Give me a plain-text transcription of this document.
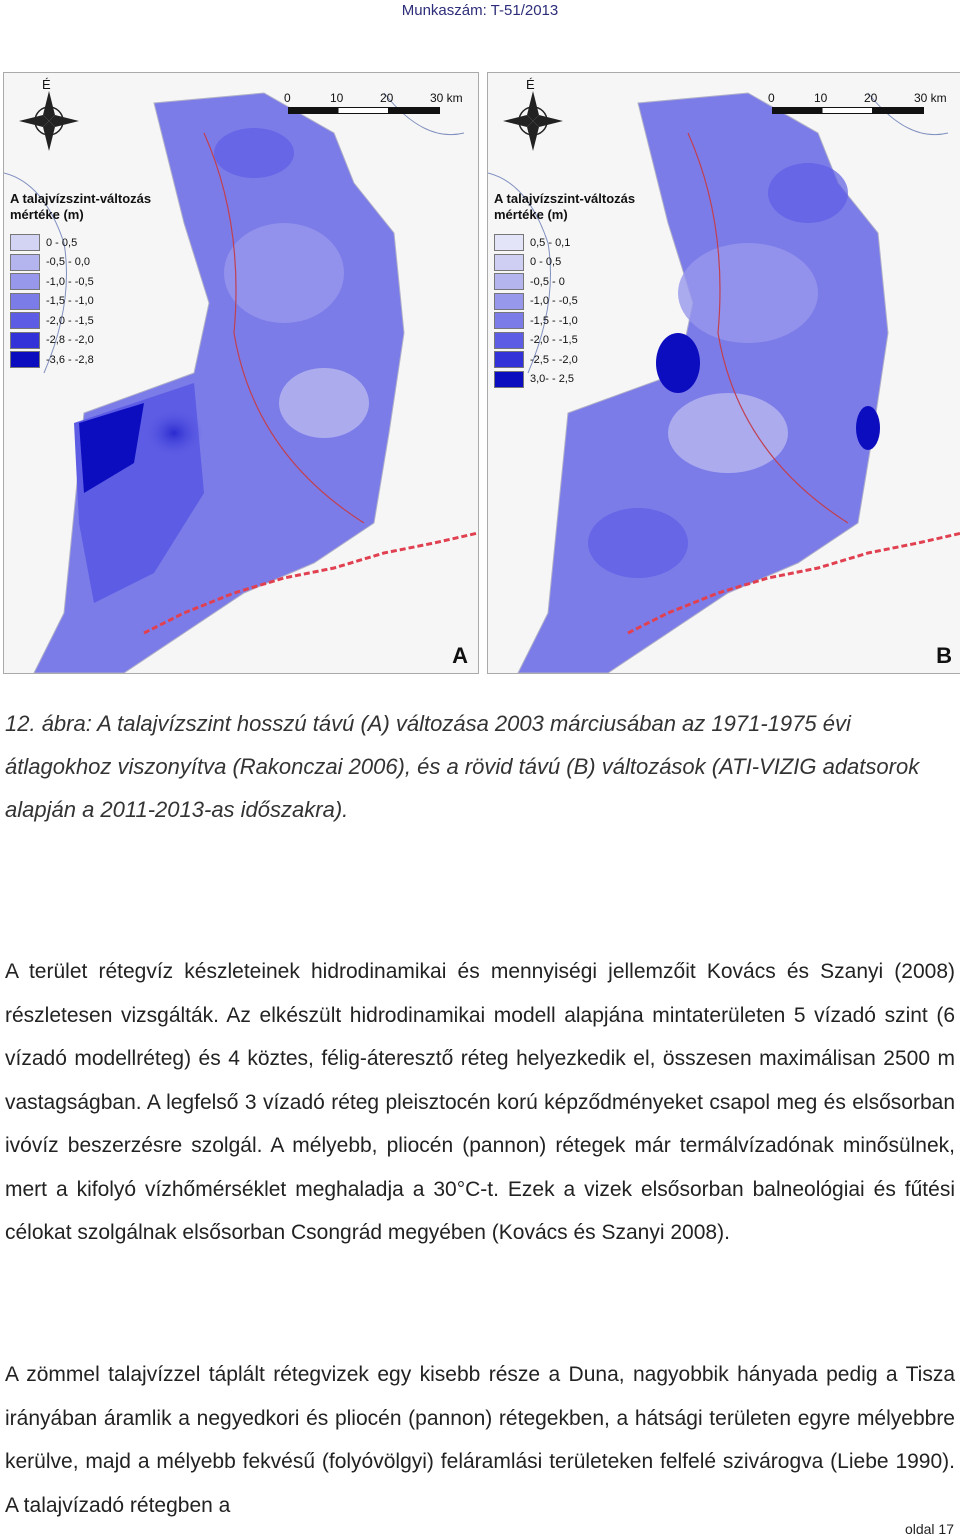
Munkaszám: T-51/2013
É
0	10	20	30 km
A talajvízszint-változás mértéke (m)
0 - 0,5
-0,5 - 0,0
-1,0 - -0,5
-1,5 - -1,0
-2,0 - -1,5
-2,8 - -2,0
-3,6 - -2,8
A
É
0	10	20	30 km
A talajvízszint-változás mértéke (m)
0,5 - 0,1
0 - 0,5
-0,5 - 0
-1,0 - -0,5
-1,5 - -1,0
-2,0 - -1,5
-2,5 - -2,0
3,0- - 2,5
B
12. ábra: A talajvízszint hosszú távú (A) változása 2003 márciusában az 1971-1975 évi átlagokhoz viszonyítva (Rakonczai 2006), és a rövid távú (B) változások (ATI-VIZIG adatsorok alapján a 2011-2013-as időszakra).
A terület rétegvíz készleteinek hidrodinamikai és mennyiségi jellemzőit Kovács és Szanyi (2008) részletesen vizsgálták. Az elkészült hidrodinamikai modell alapjána mintaterületen 5 vízadó szint (6 vízadó modellréteg) és 4 köztes, félig-áteresztő réteg helyezkedik el, összesen maximálisan 2500 m vastagságban. A legfelső 3 vízadó réteg pleisztocén korú képződményeket csapol meg és elsősorban ivóvíz beszerzésre szolgál. A mélyebb, pliocén (pannon) rétegek már termálvízadónak minősülnek, mert a kifolyó vízhőmérséklet meghaladja a 30°C-t. Ezek a vizek elsősorban balneológiai és fűtési célokat szolgálnak elsősorban Csongrád megyében (Kovács és Szanyi 2008).
A zömmel talajvízzel táplált rétegvizek egy kisebb része a Duna, nagyobbik hányada pedig a Tisza irányában áramlik a negyedkori és pliocén (pannon) rétegekben, a hátsági területen egyre mélyebbre kerülve, majd a mélyebb fekvésű (folyóvölgyi) feláramlási területeken felfelé szivárogva (Liebe 1990). A talajvízadó rétegben a
oldal 17
